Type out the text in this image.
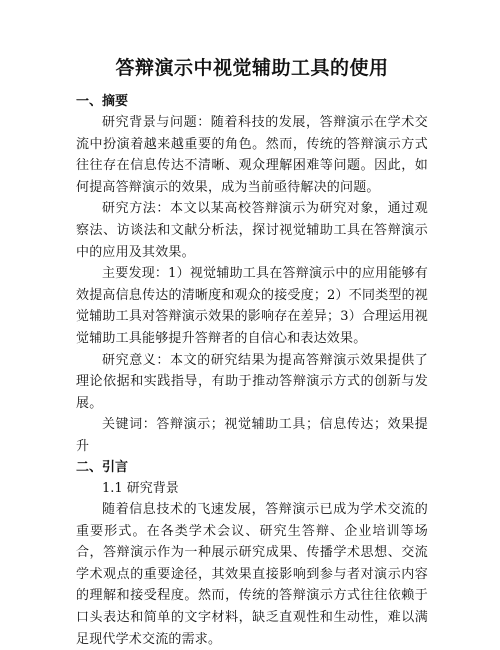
答辩演示中视觉辅助工具的使用
一、摘要

研究背景与问题：随着科技的发展，答辩演示在学术交流中扮演着越来越重要的角色。然而，传统的答辩演示方式往往存在信息传达不清晰、观众理解困难等问题。因此，如何提高答辩演示的效果，成为当前亟待解决的问题。

研究方法：本文以某高校答辩演示为研究对象，通过观察法、访谈法和文献分析法，探讨视觉辅助工具在答辩演示中的应用及其效果。

主要发现：1）视觉辅助工具在答辩演示中的应用能够有效提高信息传达的清晰度和观众的接受度；2）不同类型的视觉辅助工具对答辩演示效果的影响存在差异；3）合理运用视觉辅助工具能够提升答辩者的自信心和表达效果。

研究意义：本文的研究结果为提高答辩演示效果提供了理论依据和实践指导，有助于推动答辩演示方式的创新与发展。

关键词：答辩演示；视觉辅助工具；信息传达；效果提升

二、引言

1.1 研究背景

随着信息技术的飞速发展，答辩演示已成为学术交流的重要形式。在各类学术会议、研究生答辩、企业培训等场合，答辩演示作为一种展示研究成果、传播学术思想、交流学术观点的重要途径，其效果直接影响到参与者对演示内容的理解和接受程度。然而，传统的答辩演示方式往往依赖于口头表达和简单的文字材料，缺乏直观性和生动性，难以满足现代学术交流的需求。
